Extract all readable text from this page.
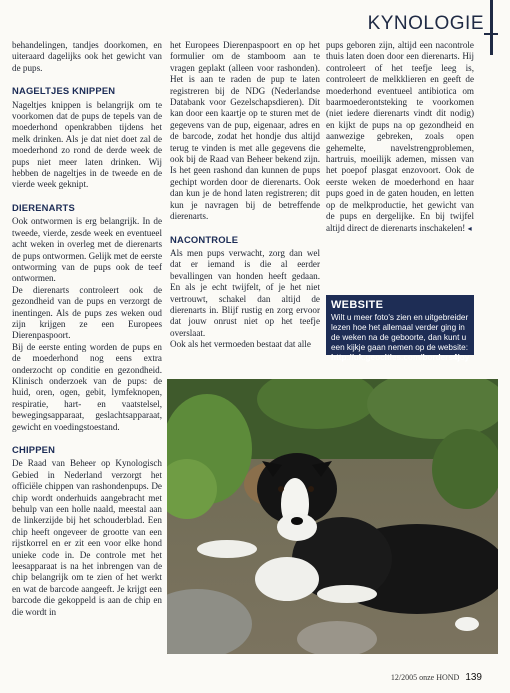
KYNOLOGIE

behandelingen, tandjes doorkomen, en uiteraard dagelijks ook het gewicht van de pups.

NAGELTJES KNIPPEN

Nageltjes knippen is belangrijk om te voorkomen dat de pups de tepels van de moederhond openkrabben tijdens het melk drinken. Als je dat niet doet zal de moederhond zo rond de derde week de pups niet meer laten drinken. Wij hebben de nageltjes in de tweede en de vierde week geknipt.

DIERENARTS

Ook ontwormen is erg belangrijk. In de tweede, vierde, zesde week en eventueel acht weken in overleg met de dierenarts de pups ontwormen. Gelijk met de eerste ontworming van de pups ook de teef ontwormen.

De dierenarts controleert ook de gezondheid van de pups en verzorgt de inentingen. Als de pups zes weken oud zijn krijgen ze een Europees Dierenpaspoort.

Bij de eerste enting worden de pups en de moederhond nog eens extra onderzocht op conditie en gezondheid. Klinisch onderzoek van de pups: de huid, oren, ogen, gebit, lymfeknopen, respiratie, hart- en vaatstelsel, bewegingsapparaat, geslachtsapparaat, gewicht en voedingstoestand.

CHIPPEN

De Raad van Beheer op Kynologisch Gebied in Nederland verzorgt het officiële chippen van rashondenpups. De chip wordt onderhuids aangebracht met behulp van een holle naald, meestal aan de linkerzijde bij het schouderblad. Een chip heeft ongeveer de grootte van een rijstkorrel en er zit een voor elke hond unieke code in. De controle met het leesapparaat is na het inbrengen van de chip belangrijk om te zien of het werkt en wat de barcode aangeeft. Je krijgt een barcode die gekoppeld is aan de chip en die wordt in

het Europees Dierenpaspoort en op het formulier om de stamboom aan te vragen geplakt (alleen voor rashonden). Het is aan te raden de pup te laten registreren bij de NDG (Nederlandse Databank voor Gezelschapsdieren). Dit kan door een kaartje op te sturen met de gegevens van de pup, eigenaar, adres en de barcode, zodat het hondje dus altijd terug te vinden is met alle gegevens die ook bij de Raad van Beheer bekend zijn. Is het geen rashond dan kunnen de pups gechipt worden door de dierenarts. Ook dan kun je de hond laten registreren; dit kun je navragen bij de betreffende dierenarts.

NACONTROLE

Als men pups verwacht, zorg dan wel dat er iemand is die al eerder bevallingen van honden heeft gedaan. En als je echt twijfelt, of je het niet vertrouwt, schakel dan altijd de dierenarts in. Blijf rustig en zorg ervoor dat jouw onrust niet op het teefje overslaat.

Ook als het vermoeden bestaat dat alle

pups geboren zijn, altijd een nacontrole thuis laten doen door een dierenarts. Hij controleert of het teefje leeg is, controleert de melkklieren en geeft de moederhond eventueel antibiotica om baarmoederontsteking te voorkomen (niet iedere dierenarts vindt dit nodig) en kijkt de pups na op gezondheid en aanwezige gebreken, zoals open gehemelte, navelstrengproblemen, hartruis, moeilijk ademen, missen van het poepof plasgat enzovoort. Ook de eerste weken de moederhond en haar pups goed in de gaten houden, en letten op de melkproductie, het gewicht van de pups en dergelijke. En bij twijfel altijd direct de dierenarts inschakelen! ◂

WEBSITE
Wilt u meer foto's zien en uitgebreider lezen hoe het allemaal verder ging in de weken na de geboorte, dan kunt u een kijkje gaan nemen op de website: http://uk.geocities.com/borders4joy
12/2005 onze HOND 139
